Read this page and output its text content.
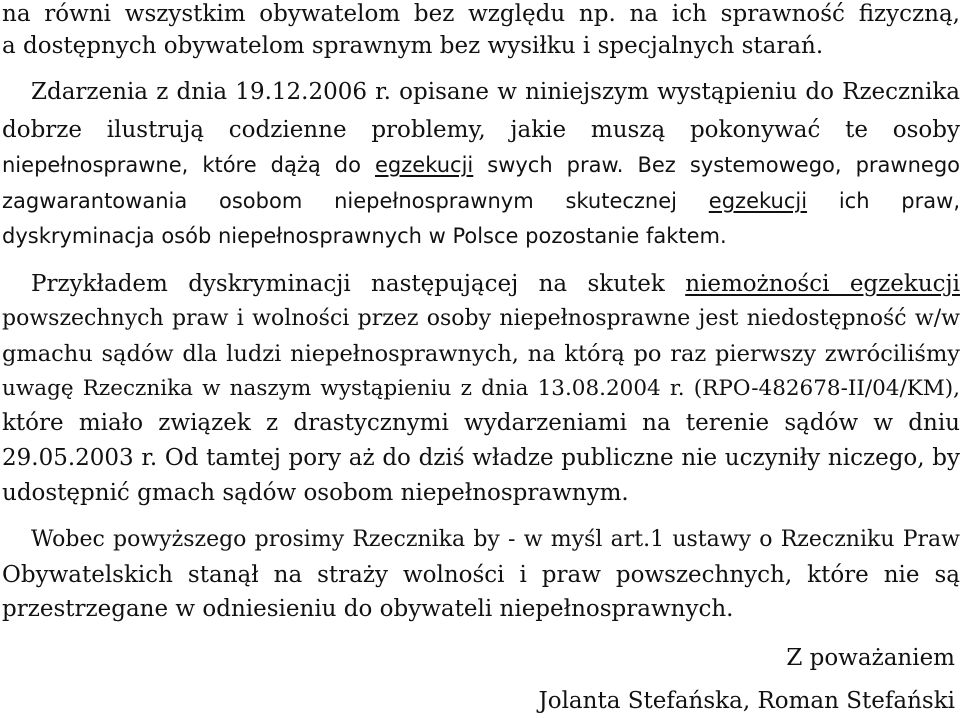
na równi wszystkim obywatelom bez względu np. na ich sprawność fizyczną,
a dostępnych obywatelom sprawnym bez wysiłku i specjalnych starań.
Zdarzenia z dnia 19.12.2006 r. opisane w niniejszym wystąpieniu do Rzecznika
dobrze ilustrują codzienne problemy, jakie muszą pokonywać te osoby
niepełnosprawne, które dążą do egzekucji swych praw. Bez systemowego, prawnego
zagwarantowania osobom niepełnosprawnym skutecznej egzekucji ich praw,
dyskryminacja osób niepełnosprawnych w Polsce pozostanie faktem.
Przykładem dyskryminacji następującej na skutek niemożności egzekucji
powszechnych praw i wolności przez osoby niepełnosprawne jest niedostępność w/w
gmachu sądów dla ludzi niepełnosprawnych, na którą po raz pierwszy zwróciliśmy
uwagę Rzecznika w naszym wystąpieniu z dnia 13.08.2004 r. (RPO-482678-II/04/KM),
które miało związek z drastycznymi wydarzeniami na terenie sądów w dniu
29.05.2003 r. Od tamtej pory aż do dziś władze publiczne nie uczyniły niczego, by
udostępnić gmach sądów osobom niepełnosprawnym.
Wobec powyższego prosimy Rzecznika by - w myśl art.1 ustawy o Rzeczniku Praw
Obywatelskich stanął na straży wolności i praw powszechnych, które nie są
przestrzegane w odniesieniu do obywateli niepełnosprawnych.
Z poważaniem
Jolanta Stefańska, Roman Stefański
